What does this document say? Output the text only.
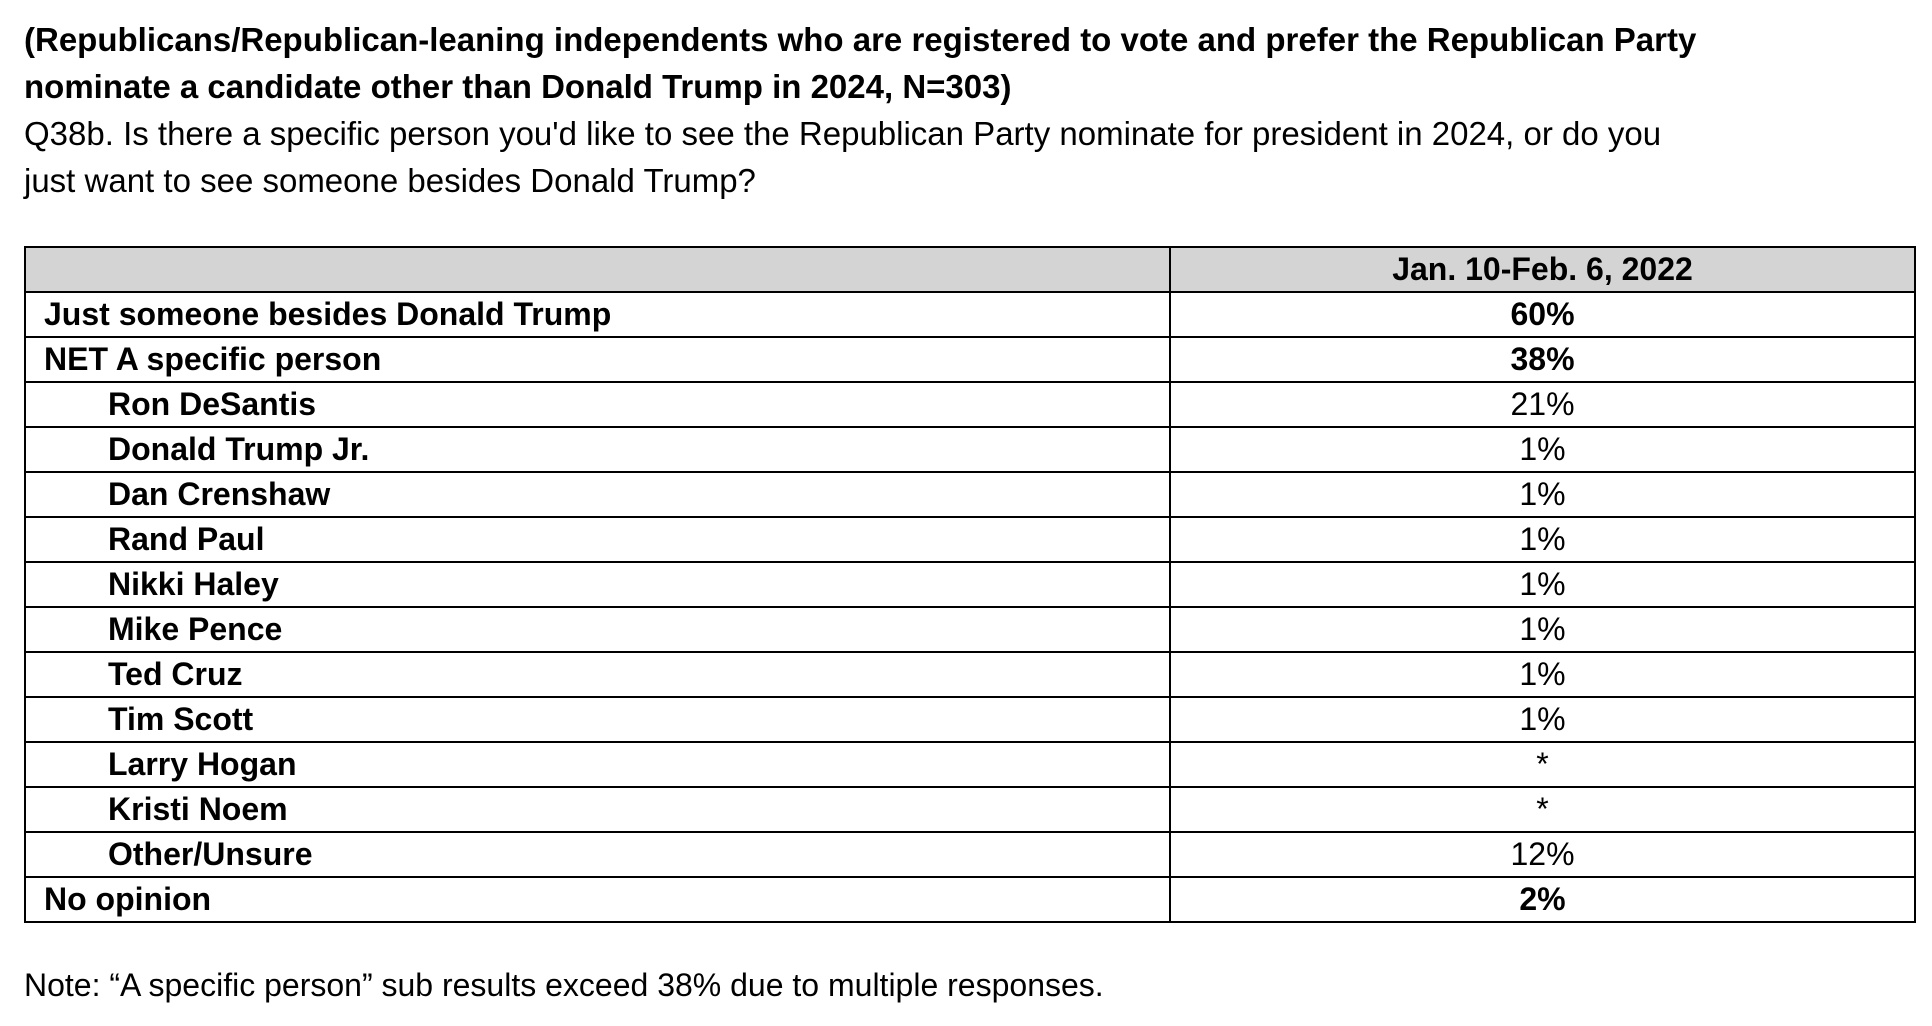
(Republicans/Republican-leaning independents who are registered to vote and prefer the Republican Party
nominate a candidate other than Donald Trump in 2024, N=303)
Q38b. Is there a specific person you'd like to see the Republican Party nominate for president in 2024, or do you
just want to see someone besides Donald Trump?
	Jan. 10-Feb. 6, 2022
Just someone besides Donald Trump	60%
NET A specific person	38%
Ron DeSantis	21%
Donald Trump Jr.	1%
Dan Crenshaw	1%
Rand Paul	1%
Nikki Haley	1%
Mike Pence	1%
Ted Cruz	1%
Tim Scott	1%
Larry Hogan	*
Kristi Noem	*
Other/Unsure	12%
No opinion	2%
Note: “A specific person” sub results exceed 38% due to multiple responses.
